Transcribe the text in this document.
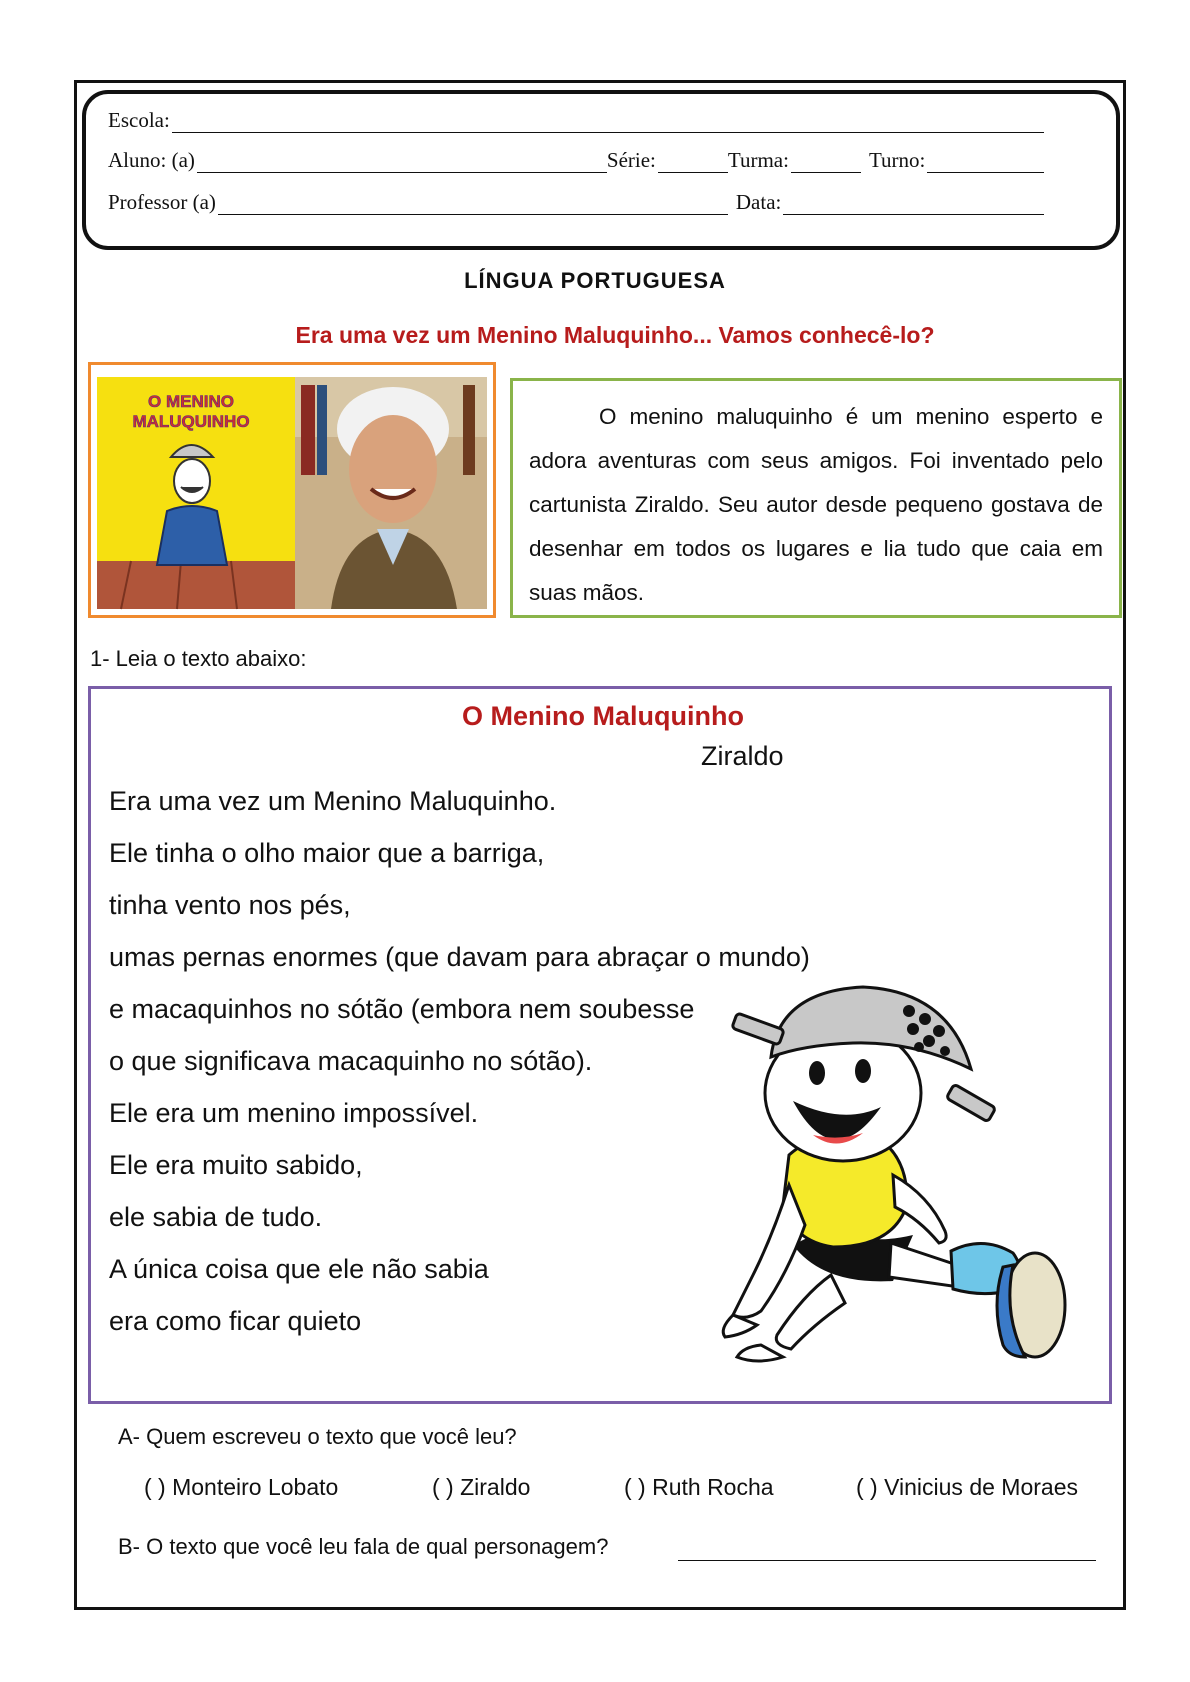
Escola:
Aluno: (a)	Série:	Turma:	Turno:
Professor (a)	Data:
LÍNGUA PORTUGUESA
Era uma vez um Menino Maluquinho... Vamos conhecê-lo?
O MENINO
MALUQUINHO	O menino maluquinho é um menino esperto e adora aventuras com seus amigos. Foi inventado pelo cartunista Ziraldo. Seu autor desde pequeno gostava de desenhar em todos os lugares e lia tudo que caia em suas mãos.
1- Leia o texto abaixo:
O Menino Maluquinho
Ziraldo
Era uma vez um Menino Maluquinho.
Ele tinha o olho maior que a barriga,
tinha vento nos pés,
umas pernas enormes (que davam para abraçar o mundo)
e macaquinhos no sótão (embora nem soubesse
o que significava macaquinho no sótão).
Ele era um menino impossível.
Ele era muito sabido,
ele sabia de tudo.
A única coisa que ele não sabia
era como ficar quieto
A- Quem escreveu o texto que você leu?
( ) Monteiro Lobato	( ) Ziraldo	( ) Ruth Rocha	( ) Vinicius de Moraes
B- O texto que você leu fala de qual personagem?
